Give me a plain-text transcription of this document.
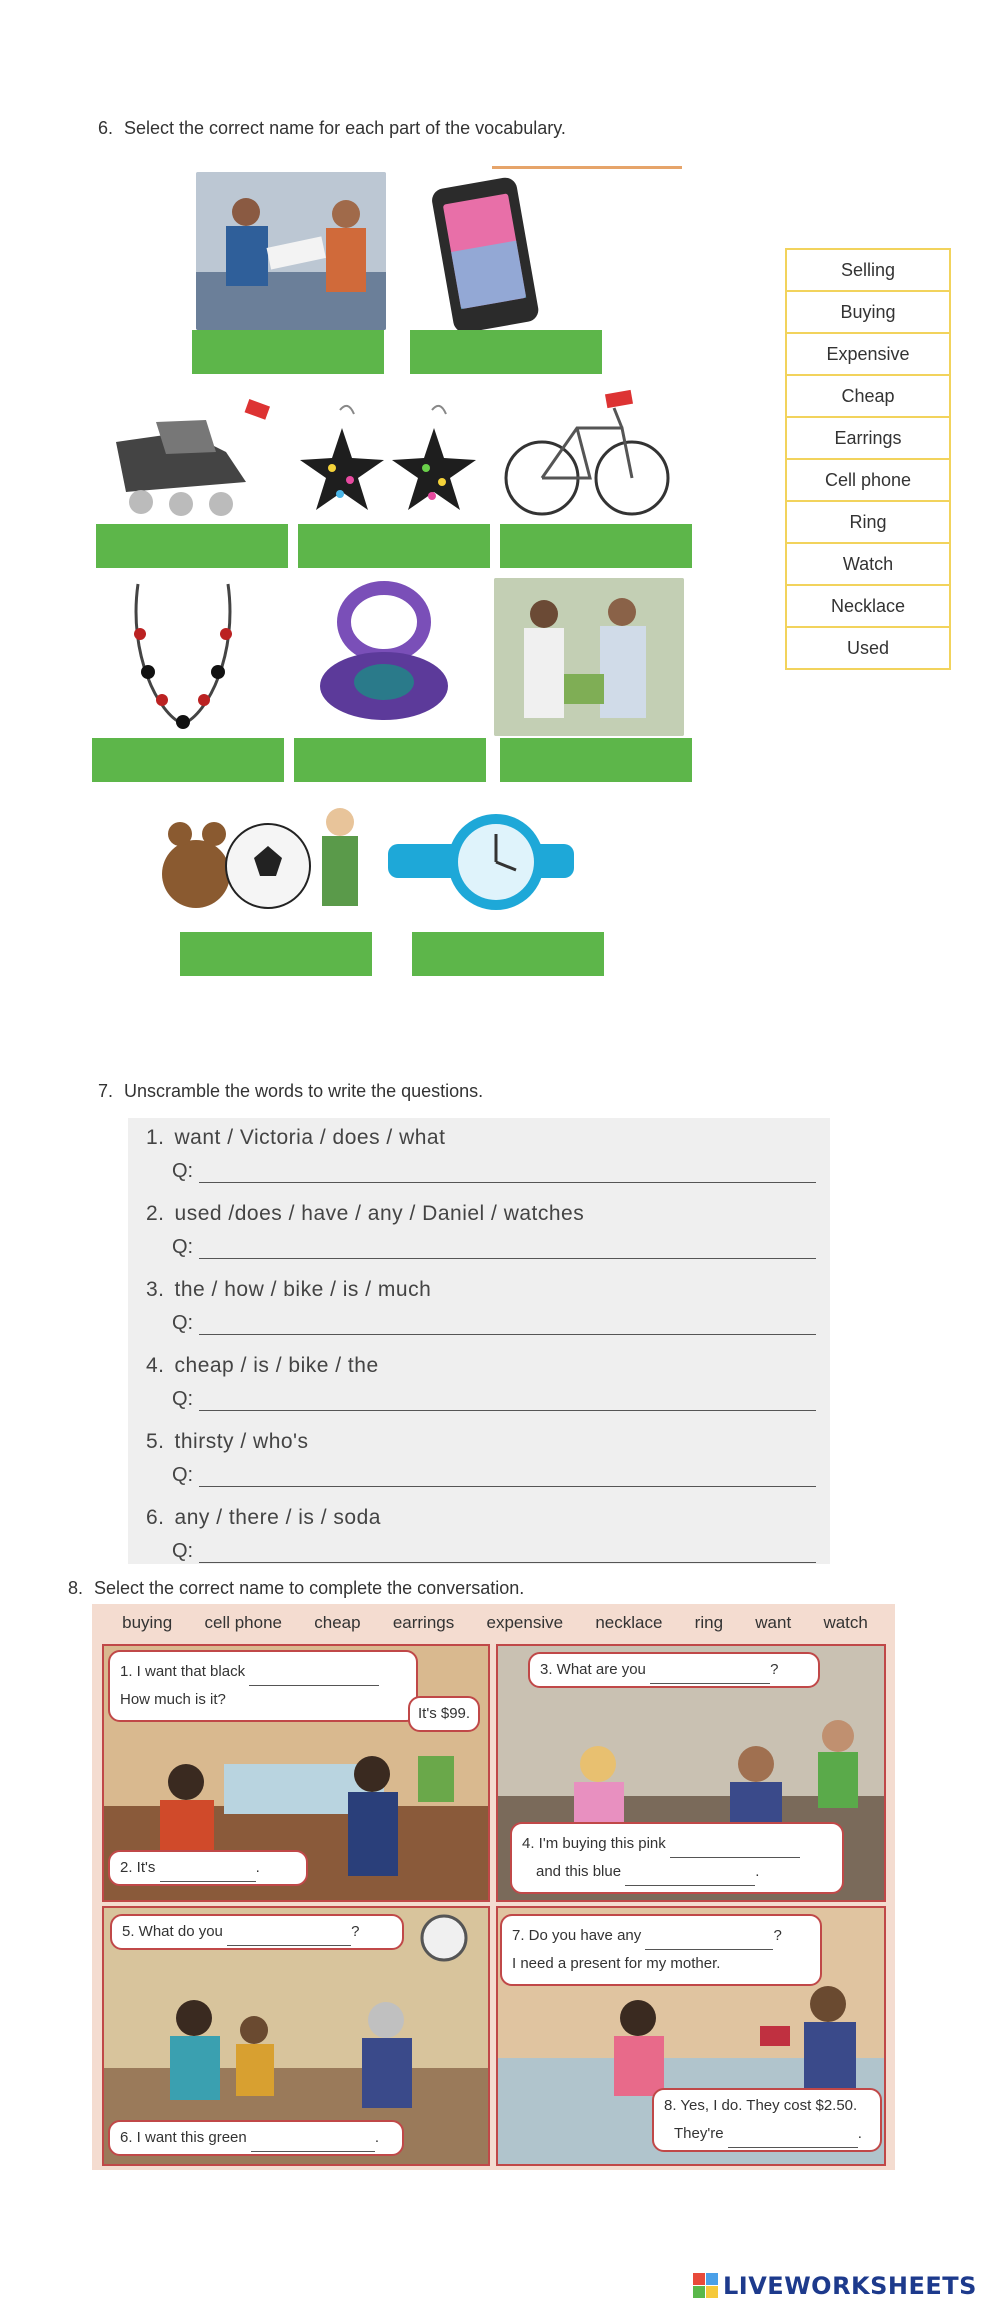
6. Select the correct name for each part of the vocabulary.
Selling
Buying
Expensive
Cheap
Earrings
Cell phone
Ring
Watch
Necklace
Used
7. Unscramble the words to write the questions.
1. want / Victoria / does / what
Q:
2. used /does / have / any / Daniel / watches
Q:
3. the / how / bike / is / much
Q:
4. cheap / is / bike / the
Q:
5. thirsty / who's
Q:
6. any / there / is / soda
Q:
8. Select the correct name to complete the conversation.
buying cell phone cheap earrings expensive necklace ring want watch
1. I want that black
How much is it?
It's $99.
2. It's	.
3. What are you	?
4. I'm buying this pink
and this blue	.
5. What do you	?
6. I want this green	.
7. Do you have any	?
I need a present for my mother.
8. Yes, I do. They cost $2.50.
They're	.
LIVEWORKSHEETS
